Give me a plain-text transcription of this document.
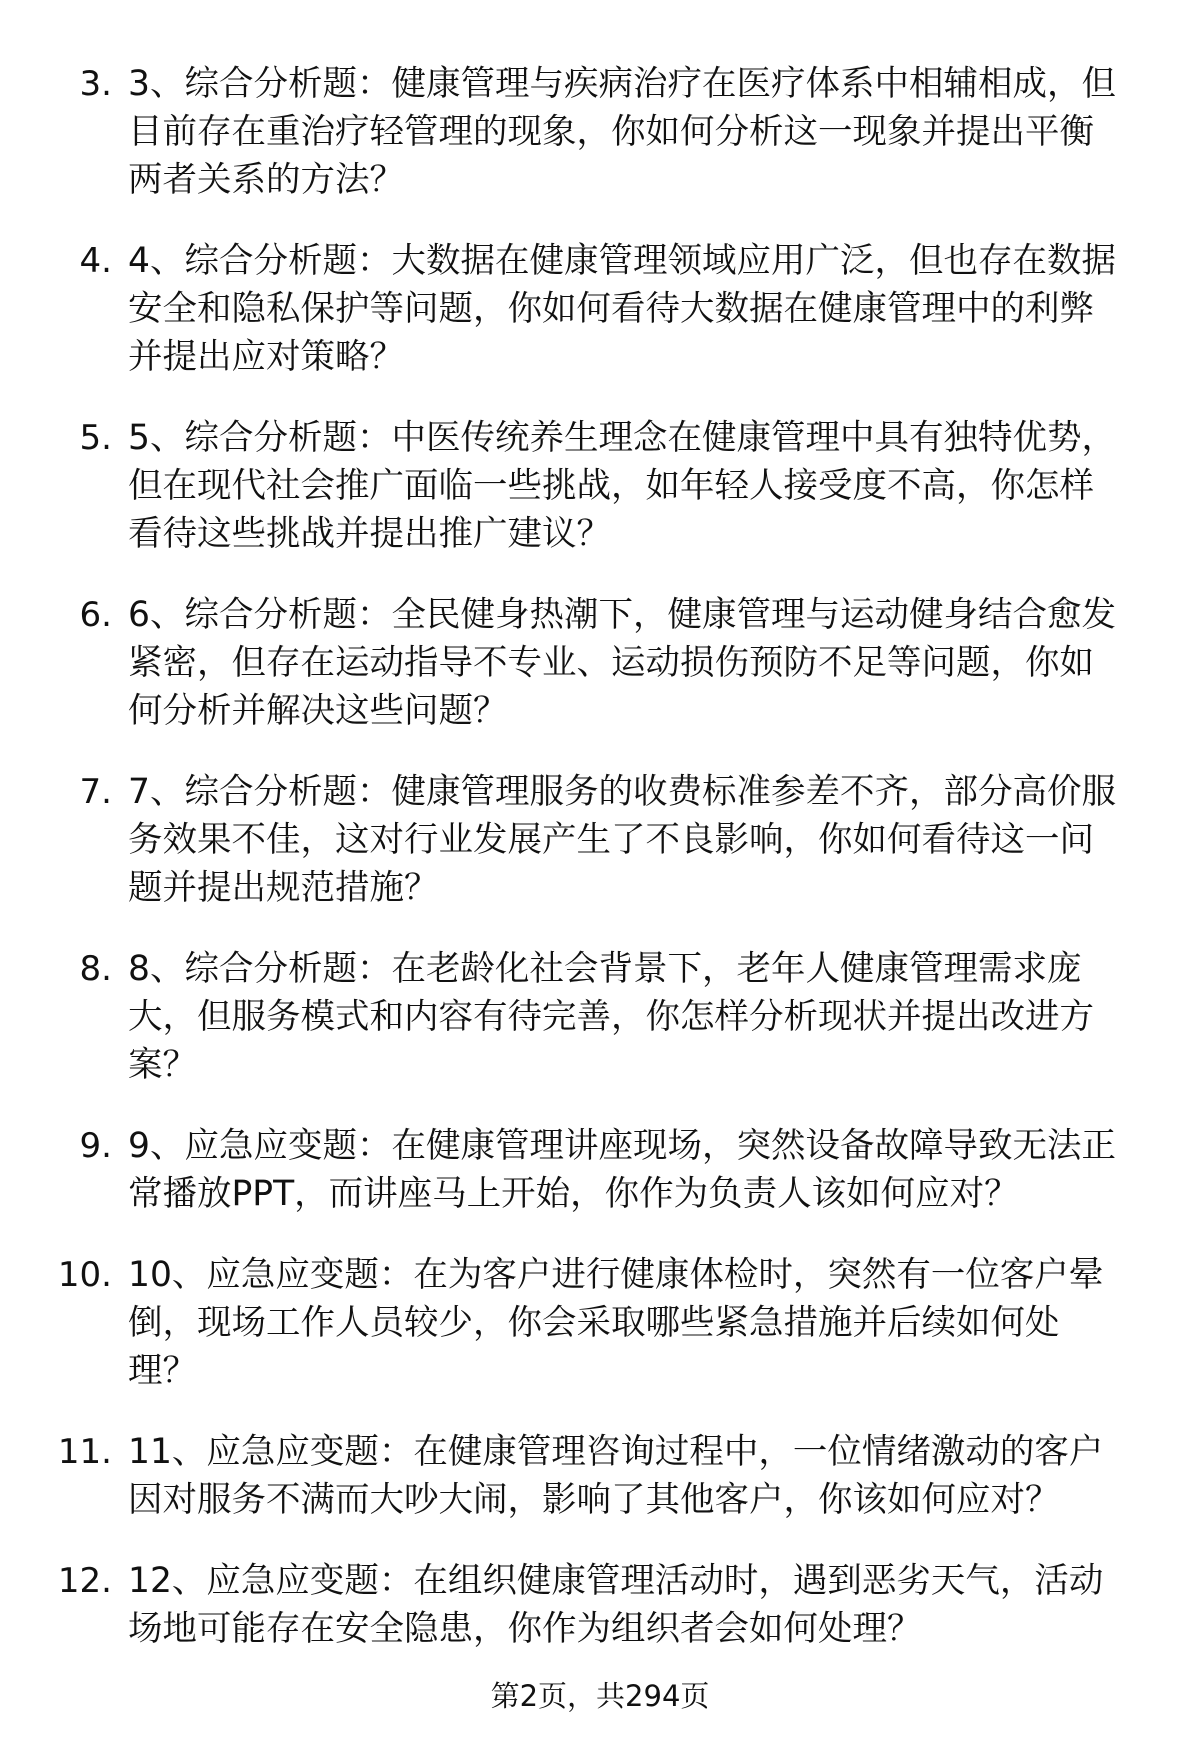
3. 3、综合分析题：健康管理与疾病治疗在医疗体系中相辅相成，但
目前存在重治疗轻管理的现象，你如何分析这一现象并提出平衡
两者关系的方法？
4. 4、综合分析题：大数据在健康管理领域应用广泛，但也存在数据
安全和隐私保护等问题，你如何看待大数据在健康管理中的利弊
并提出应对策略？
5. 5、综合分析题：中医传统养生理念在健康管理中具有独特优势，
但在现代社会推广面临一些挑战，如年轻人接受度不高，你怎样
看待这些挑战并提出推广建议？
6. 6、综合分析题：全民健身热潮下，健康管理与运动健身结合愈发
紧密，但存在运动指导不专业、运动损伤预防不足等问题，你如
何分析并解决这些问题？
7. 7、综合分析题：健康管理服务的收费标准参差不齐，部分高价服
务效果不佳，这对行业发展产生了不良影响，你如何看待这一问
题并提出规范措施？
8. 8、综合分析题：在老龄化社会背景下，老年人健康管理需求庞
大，但服务模式和内容有待完善，你怎样分析现状并提出改进方
案？
9. 9、应急应变题：在健康管理讲座现场，突然设备故障导致无法正
常播放PPT，而讲座马上开始，你作为负责人该如何应对？
10. 10、应急应变题：在为客户进行健康体检时，突然有一位客户晕
倒，现场工作人员较少，你会采取哪些紧急措施并后续如何处
理？
11. 11、应急应变题：在健康管理咨询过程中，一位情绪激动的客户
因对服务不满而大吵大闹，影响了其他客户，你该如何应对？
12. 12、应急应变题：在组织健康管理活动时，遇到恶劣天气，活动
场地可能存在安全隐患，你作为组织者会如何处理？
第2页，共294页
